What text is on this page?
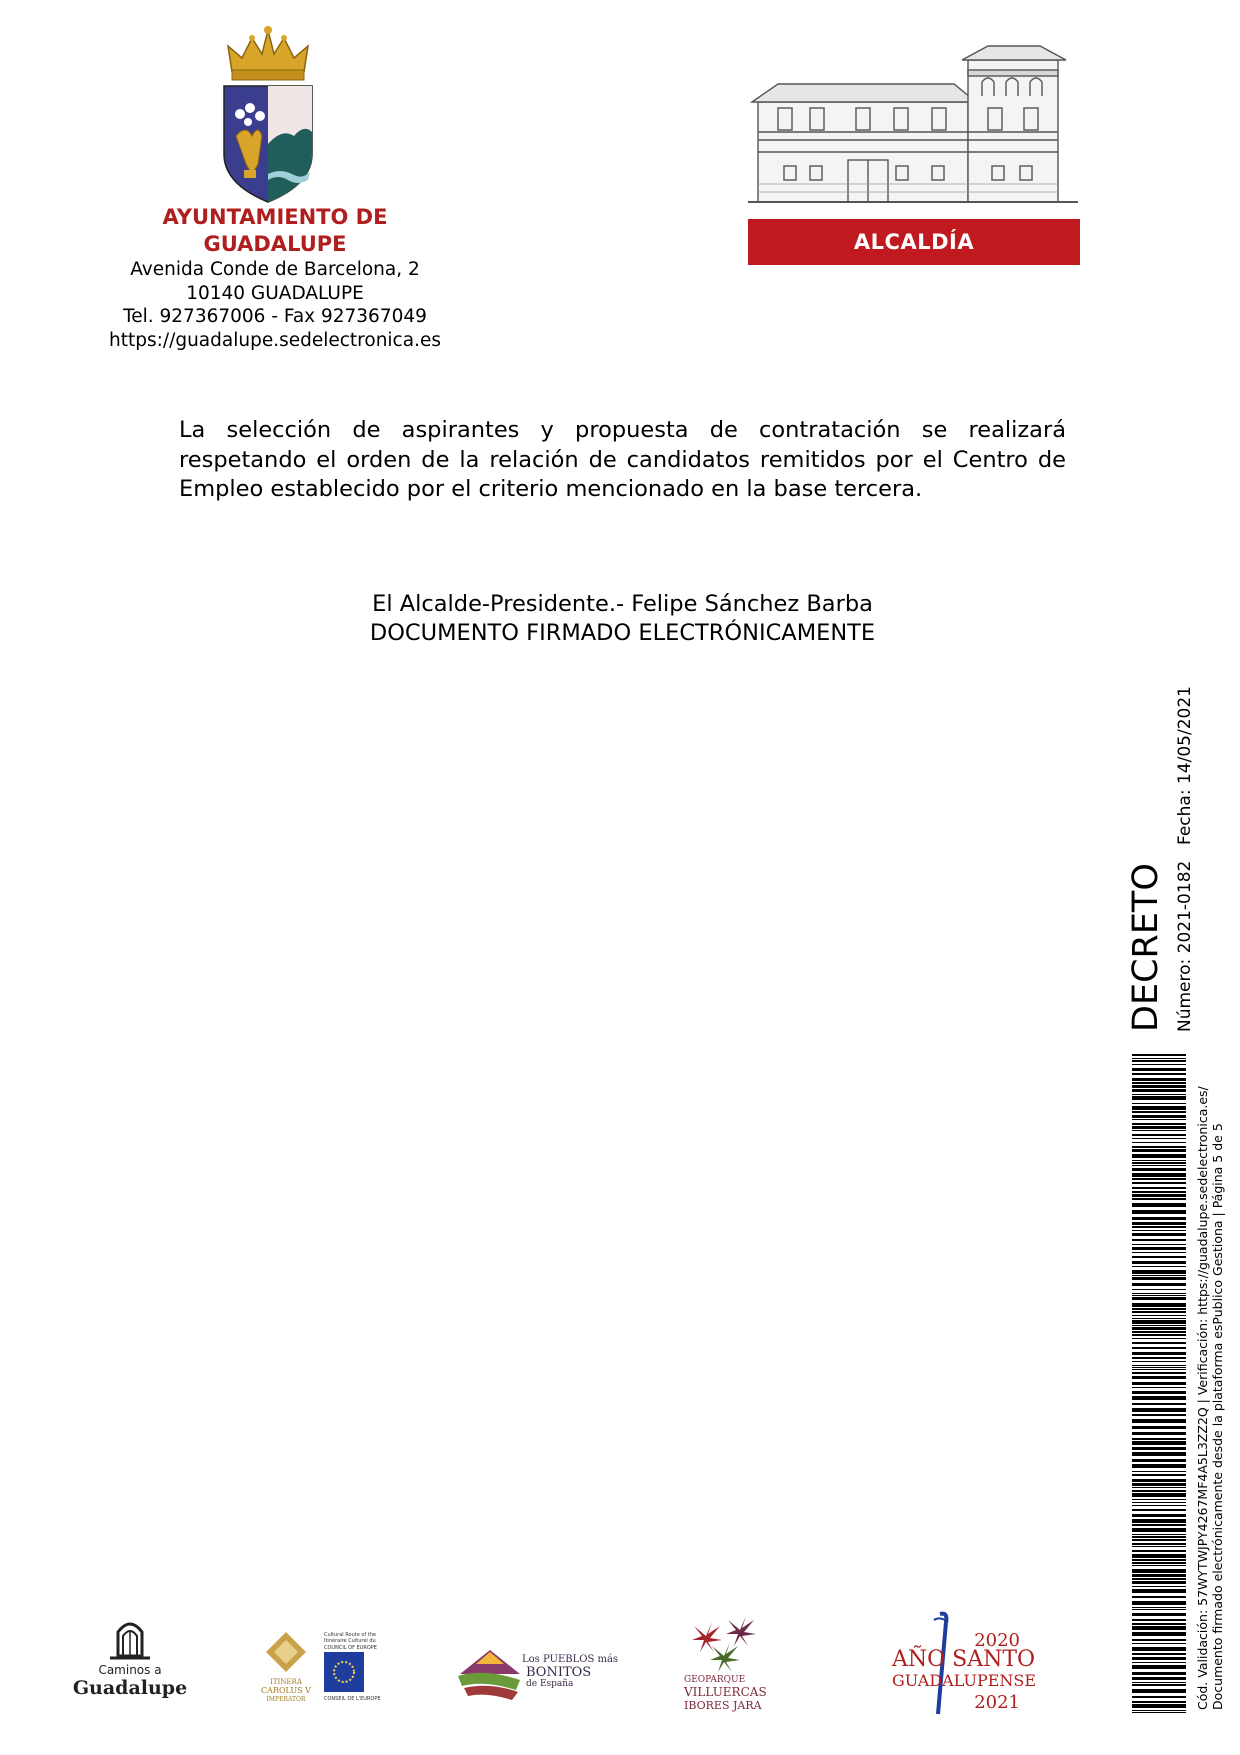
AYUNTAMIENTO DE
GUADALUPE
Avenida Conde de Barcelona, 2
10140 GUADALUPE
Tel. 927367006 - Fax 927367049
https://guadalupe.sedelectronica.es
ALCALDÍA

La selección de aspirantes y propuesta de contratación se realizará respetando el orden de la relación de candidatos remitidos por el Centro de Empleo establecido por el criterio mencionado en la base tercera.

El Alcalde-Presidente.- Felipe Sánchez Barba
DOCUMENTO FIRMADO ELECTRÓNICAMENTE
DECRETO Número: 2021-0182
Fecha: 14/05/2021
Cód. Validación: 57WYTWJPY4267MF4A5L3ZZ2Q | Verificación: https://guadalupe.sedelectronica.es/ Documento firmado electrónicamente desde la plataforma esPublico Gestiona | Página 5 de 5
Caminos a
Guadalupe	ITINERA
CAROLUS V
IMPERATOR
Cultural Route of the
Itinéraire Culturel du
COUNCIL OF EUROPE
CONSEIL DE L'EUROPE
Los PUEBLOS más
BONITOS
de España	GEOPARQUE
VILLUERCAS
IBORES JARA
2020
AÑO SANTO
GUADALUPENSE
2021
